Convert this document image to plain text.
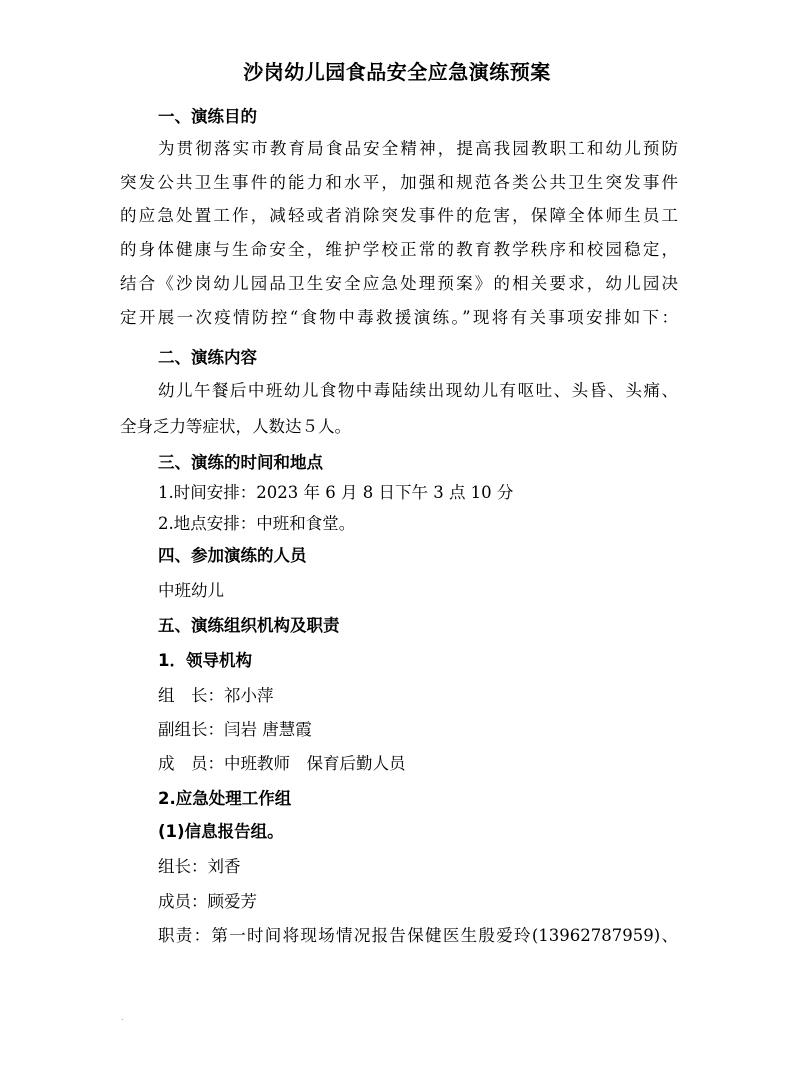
沙岗幼儿园食品安全应急演练预案
一、演练目的
为贯彻落实市教育局食品安全精神，提高我园教职工和幼儿预防
突发公共卫生事件的能力和水平，加强和规范各类公共卫生突发事件
的应急处置工作，减轻或者消除突发事件的危害，保障全体师生员工
的身体健康与生命安全，维护学校正常的教育教学秩序和校园稳定，
结合《沙岗幼儿园品卫生安全应急处理预案》的相关要求，幼儿园决
定开展一次疫情防控“食物中毒救援演练。”现将有关事项安排如下：
二、演练内容
幼儿午餐后中班幼儿食物中毒陆续出现幼儿有呕吐、头昏、头痛、
全身乏力等症状，人数达５人。
三、演练的时间和地点
1.时间安排：2023 年 6 月 8 日下午 3 点 10 分
2.地点安排：中班和食堂。
四、参加演练的人员
中班幼儿
五、演练组织机构及职责
1．领导机构
组　长：祁小萍
副组长：闫岩 唐慧霞
成　员：中班教师　保育后勤人员
2.应急处理工作组
(1)信息报告组。
组长：刘香
成员：顾爱芳
职责：第一时间将现场情况报告保健医生殷爱玲(13962787959)、
.
